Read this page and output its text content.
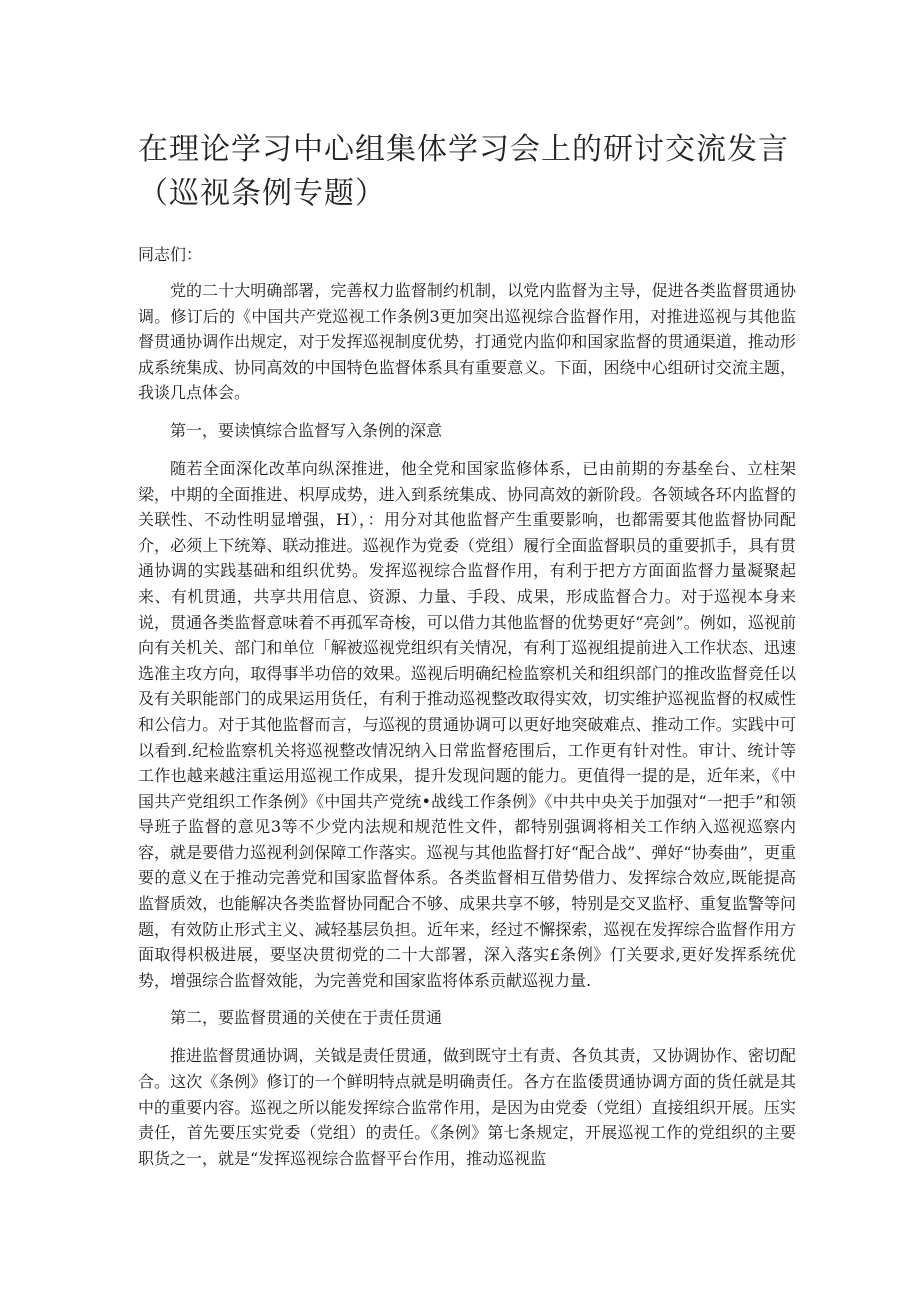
在理论学习中心组集体学习会上的研讨交流发言（巡视条例专题）

同志们：

党的二十大明确部署，完善权力监督制约机制，以党内监督为主导，促进各类监督贯通协调。修订后的《中国共产党巡视工作条例3更加突出巡视综合监督作用，对推进巡视与其他监督贯通协调作出规定，对于发挥巡视制度优势，打通党内监仰和国家监督的贯通渠道，推动形成系统集成、协同高效的中国特色监督体系具有重要意义。下面，困绕中心组研讨交流主题，我谈几点体会。

第一，要读慎综合监督写入条例的深意

随若全面深化改革向纵深推进，他全党和国家监修体系，已由前期的夯基垒台、立柱架梁，中期的全面推进、枳厚成势，进入到系统集成、协同高效的新阶段。各领域各环内监督的关联性、不动性明显增强，H），：用分对其他监督产生重要影响，也都需要其他监督协同配介，必须上下统筹、联动推进。巡视作为党委（党组）履行全面监督职员的重要抓手，具有贯通协调的实践基础和组织优势。发挥巡视综合监督作用，有利于把方方面面监督力量凝聚起来、有机贯通，共享共用信息、资源、力量、手段、成果，形成监督合力。对于巡视本身来说，贯通各类监督意味着不再孤军奇梭，可以借力其他监督的优势更好“亮剑”。例如，巡视前向有关机关、部门和单位「解被巡视党组织有关情况，有利丁巡视组提前进入工作状态、迅速选准主攻方向，取得事半功倍的效果。巡视后明确纪检监察机关和组织部门的推改监督竞任以及有关职能部门的成果运用货任，有利于推动巡视整改取得实效，切实维护巡视监督的权威性和公信力。对于其他监督而言，与巡视的贯通协调可以更好地突破难点、推动工作。实践中可以看到.纪检监察机关将巡视整改情况纳入日常监督疮围后，工作更有针对性。审计、统计等工作也越来越注重运用巡视工作成果，提升发现问题的能力。更值得一提的是，近年来，《中国共产党组织工作条例》《中国共产党统•战线工作条例》《中共中央关于加强对“一把手”和领导班子监督的意见3等不少党内法规和规范性文件，都特别强调将相关工作纳入巡视巡察内容，就是要借力巡视利剑保障工作落实。巡视与其他监督打好“配合战”、弹好“协奏曲”，更重要的意义在于推动完善党和国家监督体系。各类监督相互借势借力、发挥综合效应,既能提高监督质效，也能解决各类监督协同配合不够、成果共享不够，特别是交叉监杼、重复监警等问题，有效防止形式主义、减轻基层负担。近年来，经过不懈探索，巡视在发挥综合监督作用方面取得枳极进展，要坚决贯彻党的二十大部署，深入落实£条例》仃关要求,更好发挥系统优势，增强综合监督效能，为完善党和国家监将体系贡献巡视力量.

第二，要监督贯通的关使在于责任贯通

推进监督贯通协调，关钺是责任贯通，做到既守土有责、各负其责，又协调协作、密切配合。这次《条例》修订的一个鲜明特点就是明确责任。各方在监倭贯通协调方面的货任就是其中的重要内容。巡视之所以能发挥综合监常作用，是因为由党委（党组）直接组织开展。压实责任，首先要压实党委（党组）的责任。《条例》第七条规定，开展巡视工作的党组织的主要职货之一，就是“发挥巡视综合监督平台作用，推动巡视监
